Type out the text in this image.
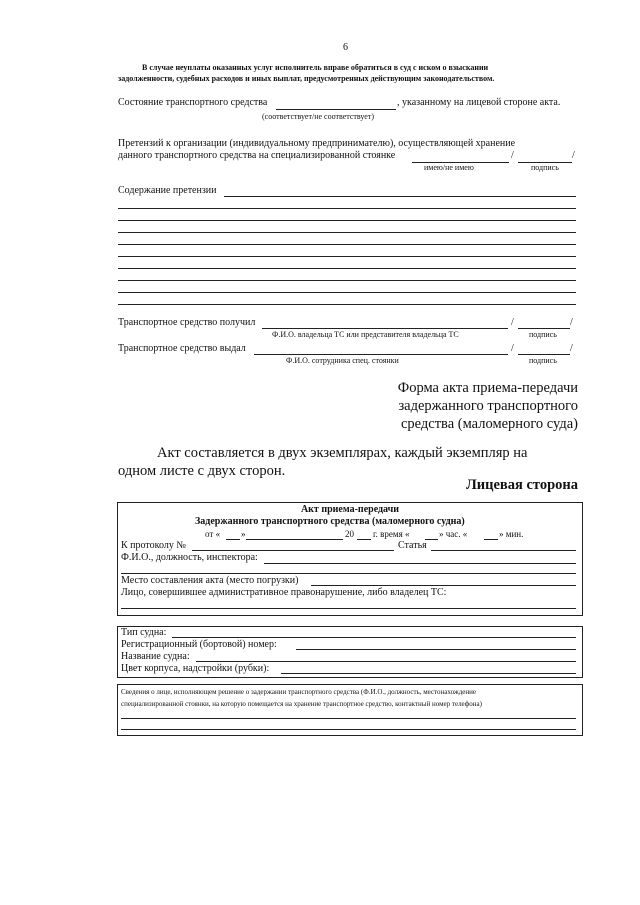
6
В случае неуплаты оказанных услуг исполнитель вправе обратиться в суд с иском о взыскании
задолженности, судебных расходов и иных выплат, предусмотренных действующим законодательством.
Состояние транспортного средства	, указанному на лицевой стороне акта.
(соответствует/не соответствует)
Претензий к организации (индивидуальному предпринимателю), осуществляющей хранение
данного транспортного средства на специализированной стоянке	/	/
имею/не имею	подпись
Содержание претензии
Транспортное средство получил	/	/
Ф.И.О. владельца ТС или представителя владельца ТС	подпись
Транспортное средство выдал	/	/
Ф.И.О. сотрудника спец. стоянки	подпись
Форма акта приема-передачи
задержанного транспортного
средства (маломерного суда)
Акт составляется в двух экземплярах, каждый экземпляр на
одном листе с двух сторон.
Лицевая сторона
Акт приема-передачи
Задержанного транспортного средства (маломерного судна)
от « »	20 г. время «	» час. «	» мин.
К протоколу №	Статья
Ф.И.О., должность, инспектора:
Место составления акта (место погрузки)
Лицо, совершившее административное правонарушение, либо владелец ТС:
Тип судна:
Регистрационный (бортовой) номер:
Название судна:
Цвет корпуса, надстройки (рубки):
Сведения о лице, исполняющем решение о задержании транспортного средства (Ф.И.О., должность, местонахождение
специализированной стоянки, на которую помещается на хранение транспортное средство, контактный номер телефона)
